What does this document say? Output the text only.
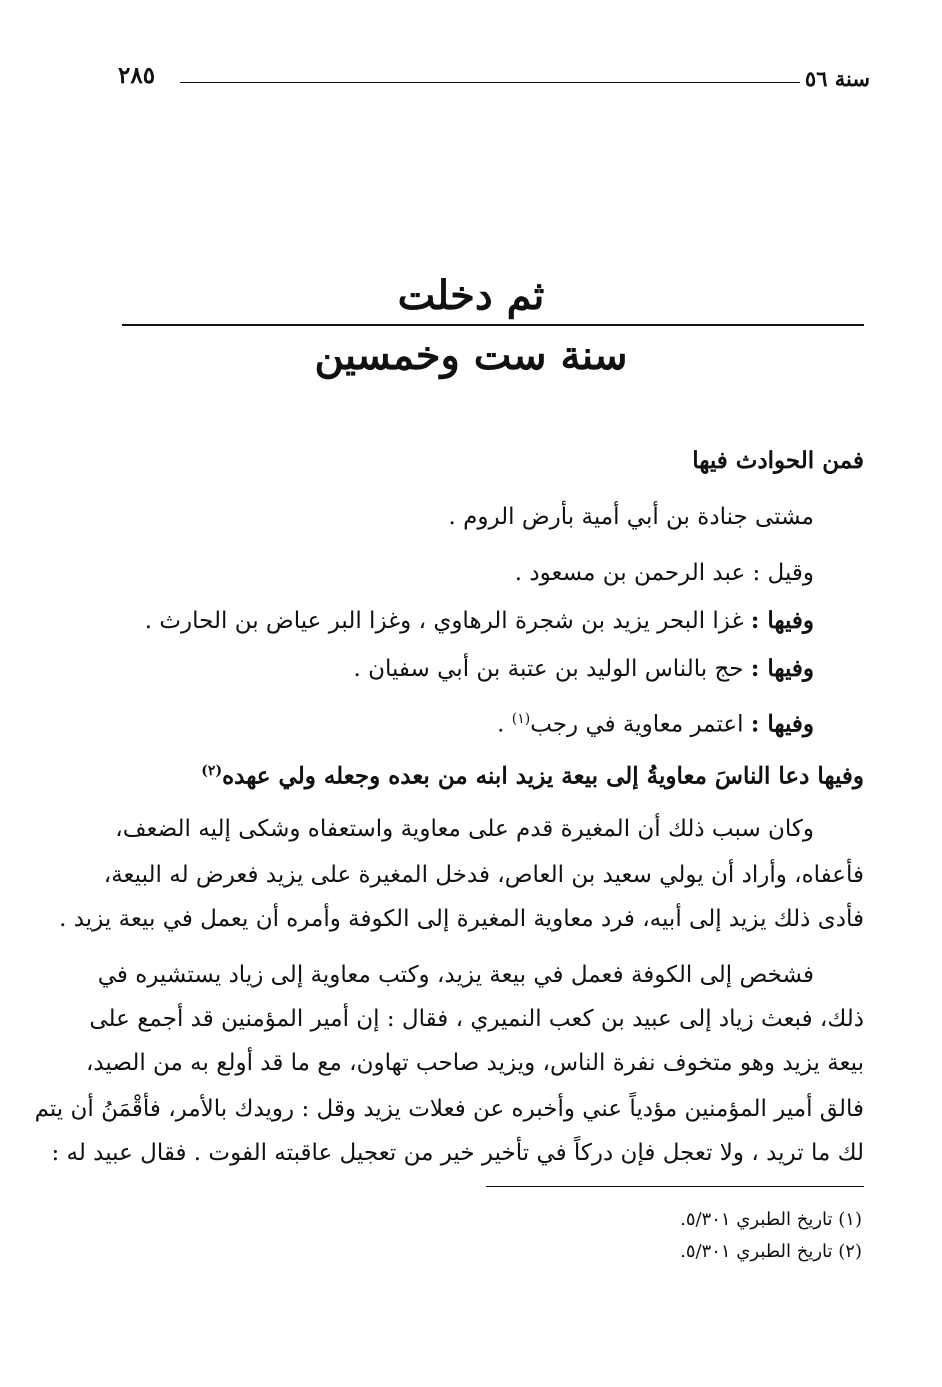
سنة ٥٦
٢٨٥
ثم دخلت
سنة ست وخمسين
فمن الحوادث فيها
مشتى جنادة بن أبي أمية بأرض الروم .
وقيل : عبد الرحمن بن مسعود .
وفيها : غزا البحر يزيد بن شجرة الرهاوي ، وغزا البر عياض بن الحارث .
وفيها : حج بالناس الوليد بن عتبة بن أبي سفيان .
وفيها : اعتمر معاوية في رجب$^{(١)}$ .
وفيها دعا الناسَ معاويةُ إلى بيعة يزيد ابنه من بعده وجعله ولي عهده$^{(٢)}$
وكان سبب ذلك أن المغيرة قدم على معاوية واستعفاه وشكى إليه الضعف،
فأعفاه، وأراد أن يولي سعيد بن العاص، فدخل المغيرة على يزيد فعرض له البيعة،
فأدى ذلك يزيد إلى أبيه، فرد معاوية المغيرة إلى الكوفة وأمره أن يعمل في بيعة يزيد .
فشخص إلى الكوفة فعمل في بيعة يزيد، وكتب معاوية إلى زياد يستشيره في
ذلك، فبعث زياد إلى عبيد بن كعب النميري ، فقال : إن أمير المؤمنين قد أجمع على
بيعة يزيد وهو متخوف نفرة الناس، ويزيد صاحب تهاون، مع ما قد أولع به من الصيد،
فالق أمير المؤمنين مؤدياً عني وأخبره عن فعلات يزيد وقل : رويدك بالأمر، فأقْمَنُ أن يتم
لك ما تريد ، ولا تعجل فإن دركاً في تأخير خير من تعجيل عاقبته الفوت . فقال عبيد له :
(١) تاريخ الطبري ٥/٣٠١.
(٢) تاريخ الطبري ٥/٣٠١.
